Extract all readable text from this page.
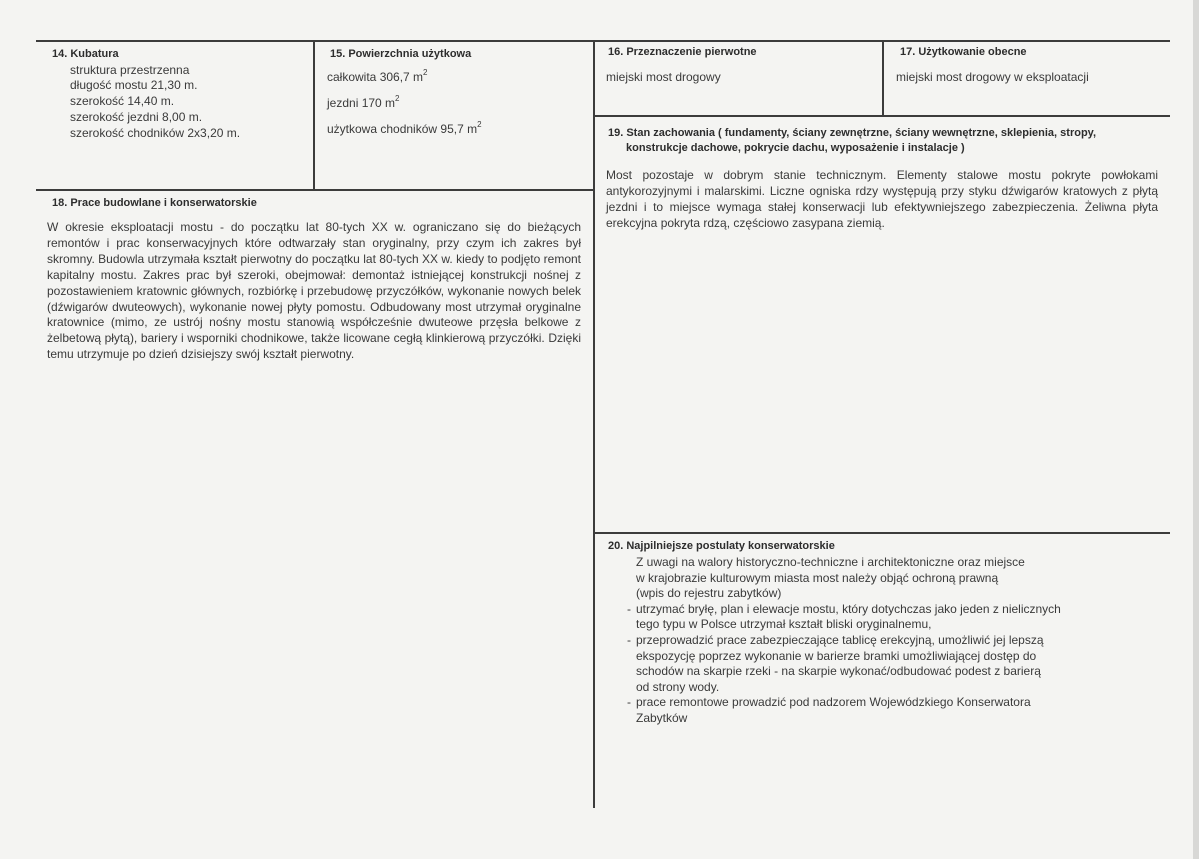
14. Kubatura
struktura przestrzenna
długość mostu 21,30 m.
szerokość 14,40 m.
szerokość jezdni 8,00 m.
szerokość chodników 2x3,20 m.
15. Powierzchnia użytkowa
całkowita 306,7 $m^2$
jezdni 170 $m^2$
użytkowa chodników 95,7 $m^2$
16. Przeznaczenie pierwotne
miejski most drogowy
17. Użytkowanie obecne
miejski most drogowy w eksploatacji
19. Stan zachowania ( fundamenty, ściany zewnętrzne, ściany wewnętrzne, sklepienia, stropy,
konstrukcje dachowe, pokrycie dachu, wyposażenie i instalacje )
Most pozostaje w dobrym stanie technicznym. Elementy stalowe mostu pokryte powłokami antykorozyjnymi i malarskimi. Liczne ogniska rdzy występują przy styku dźwigarów kratowych z płytą jezdni i to miejsce wymaga stałej konserwacji lub efektywniejszego zabezpieczenia. Żeliwna płyta erekcyjna pokryta rdzą, częściowo zasypana ziemią.
18. Prace budowlane i konserwatorskie
W okresie eksploatacji mostu - do początku lat 80-tych XX w. ograniczano się do bieżących remontów i prac konserwacyjnych które odtwarzały stan oryginalny, przy czym ich zakres był skromny. Budowla utrzymała kształt pierwotny do początku lat 80-tych XX w. kiedy to podjęto remont kapitalny mostu. Zakres prac był szeroki, obejmował: demontaż istniejącej konstrukcji nośnej z pozostawieniem kratownic głównych, rozbiórkę i przebudowę przyczółków, wykonanie nowych belek (dźwigarów dwuteowych), wykonanie nowej płyty pomostu. Odbudowany most utrzymał oryginalne kratownice (mimo, ze ustrój nośny mostu stanowią współcześnie dwuteowe przęsła belkowe z żelbetową płytą), bariery i wsporniki chodnikowe, także licowane cegłą klinkierową przyczółki. Dzięki temu utrzymuje po dzień dzisiejszy swój kształt pierwotny.
20. Najpilniejsze postulaty konserwatorskie
Z uwagi na walory historyczno-techniczne i architektoniczne oraz miejsce
w krajobrazie kulturowym miasta most należy objąć ochroną prawną
(wpis do rejestru zabytków)
- utrzymać bryłę, plan i elewacje mostu, który dotychczas jako jeden z nielicznych
tego typu w Polsce utrzymał kształt bliski oryginalnemu,
- przeprowadzić prace zabezpieczające tablicę erekcyjną, umożliwić jej lepszą
ekspozycję poprzez wykonanie w barierze bramki umożliwiającej dostęp do
schodów na skarpie rzeki - na skarpie wykonać/odbudować podest z barierą
od strony wody.
- prace remontowe prowadzić pod nadzorem Wojewódzkiego Konserwatora
Zabytków
